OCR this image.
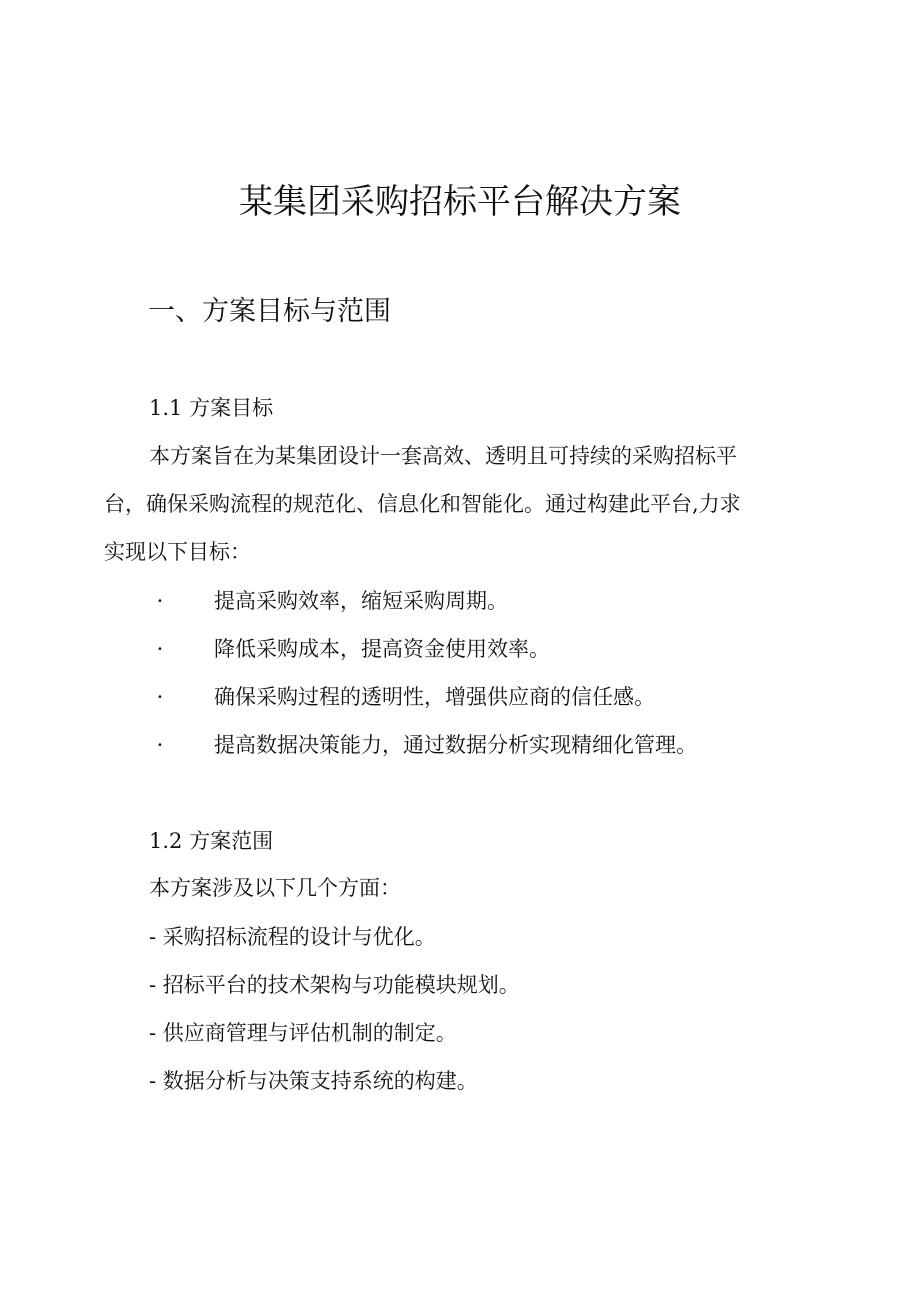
某集团采购招标平台解决方案
一、方案目标与范围
1.1 方案目标
本方案旨在为某集团设计一套高效、透明且可持续的采购招标平
台，确保采购流程的规范化、信息化和智能化。通过构建此平台,力求
实现以下目标：
· 提高采购效率，缩短采购周期。
· 降低采购成本，提高资金使用效率。
· 确保采购过程的透明性，增强供应商的信任感。
· 提高数据决策能力，通过数据分析实现精细化管理。
1.2 方案范围
本方案涉及以下几个方面：
- 采购招标流程的设计与优化。
- 招标平台的技术架构与功能模块规划。
- 供应商管理与评估机制的制定。
- 数据分析与决策支持系统的构建。
